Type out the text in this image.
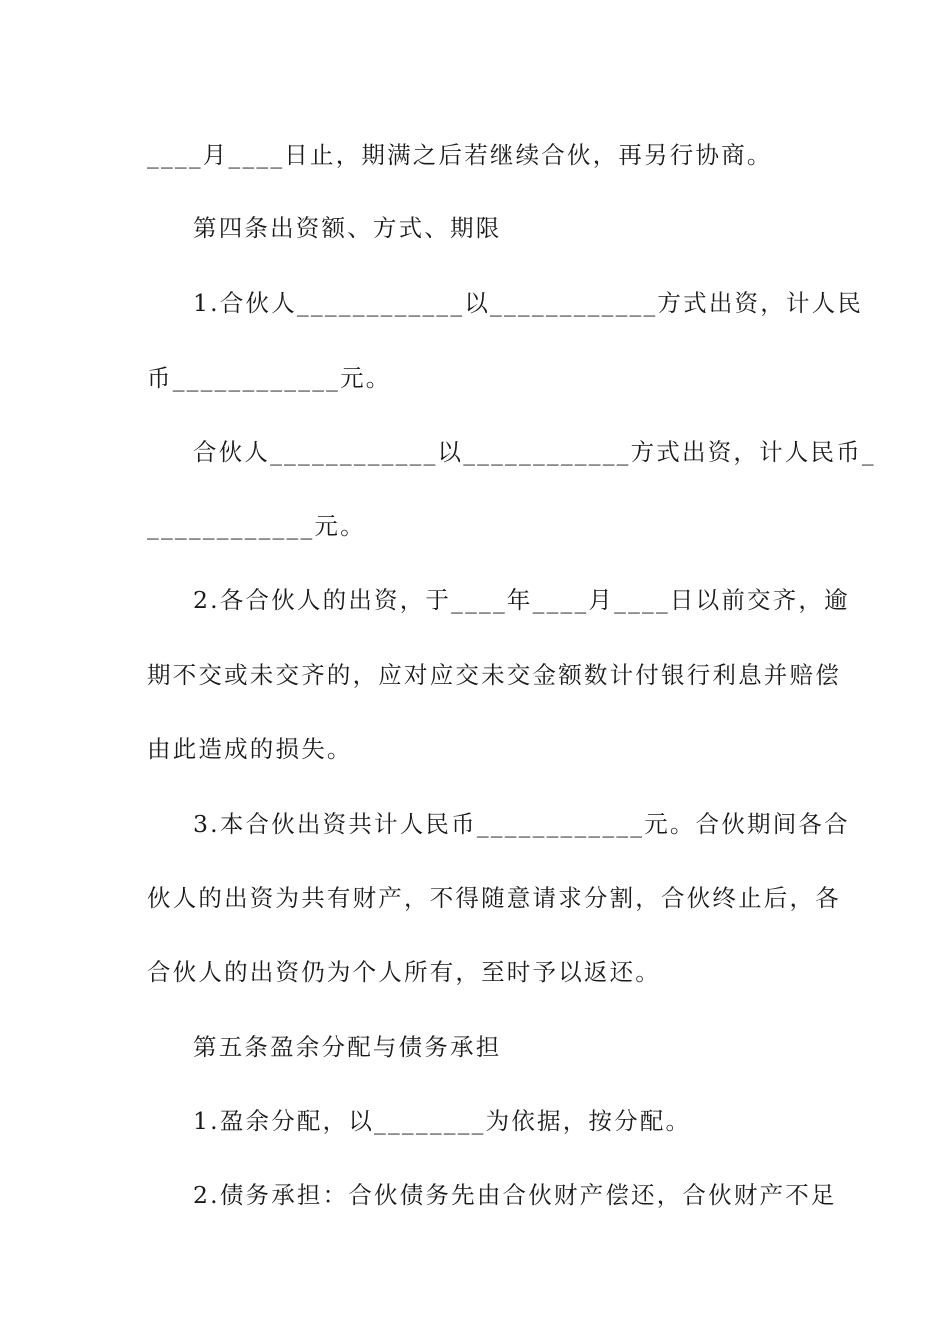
____月____日止，期满之后若继续合伙，再另行协商。
第四条出资额、方式、期限
1.合伙人____________以____________方式出资，计人民
币____________元。
合伙人____________以____________方式出资，计人民币_
____________元。
2.各合伙人的出资，于____年____月____日以前交齐，逾
期不交或未交齐的，应对应交未交金额数计付银行利息并赔偿
由此造成的损失。
3.本合伙出资共计人民币____________元。合伙期间各合
伙人的出资为共有财产，不得随意请求分割，合伙终止后，各
合伙人的出资仍为个人所有，至时予以返还。
第五条盈余分配与债务承担
1.盈余分配，以________为依据，按分配。
2.债务承担：合伙债务先由合伙财产偿还，合伙财产不足
